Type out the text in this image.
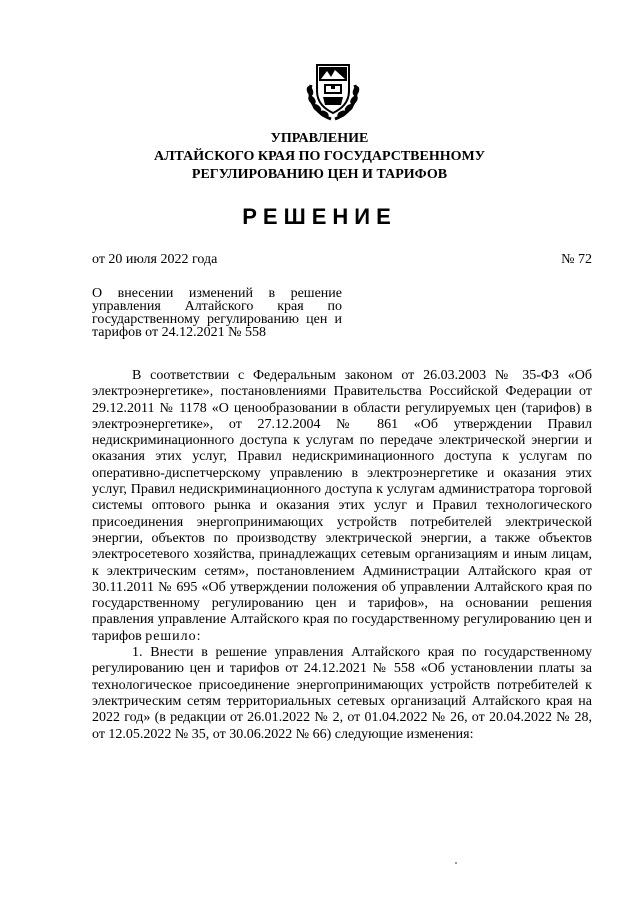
УПРАВЛЕНИЕ
АЛТАЙСКОГО КРАЯ ПО ГОСУДАРСТВЕННОМУ
РЕГУЛИРОВАНИЮ ЦЕН И ТАРИФОВ
РЕШЕНИЕ
от 20 июля 2022 года	№ 72
О внесении изменений в решение управления Алтайского края по государственному регулированию цен и тарифов от 24.12.2021 № 558

В соответствии с Федеральным законом от 26.03.2003 № 35-ФЗ «Об электроэнергетике», постановлениями Правительства Российской Федерации от 29.12.2011 № 1178 «О ценообразовании в области регулируемых цен (тарифов) в электроэнергетике», от 27.12.2004 № 861 «Об утверждении Правил недискриминационного доступа к услугам по передаче электрической энергии и оказания этих услуг, Правил недискриминационного доступа к услугам по оперативно-диспетчерскому управлению в электроэнергетике и оказания этих услуг, Правил недискриминационного доступа к услугам администратора торговой системы оптового рынка и оказания этих услуг и Правил технологического присоединения энергопринимающих устройств потребителей электрической энергии, объектов по производству электрической энергии, а также объектов электросетевого хозяйства, принадлежащих сетевым организациям и иным лицам, к электрическим сетям», постановлением Администрации Алтайского края от 30.11.2011 № 695 «Об утверждении положения об управлении Алтайского края по государственному регулированию цен и тарифов», на основании решения правления управление Алтайского края по государственному регулированию цен и тарифов решило:

1. Внести в решение управления Алтайского края по государственному регулированию цен и тарифов от 24.12.2021 № 558 «Об установлении платы за технологическое присоединение энергопринимающих устройств потребителей к электрическим сетям территориальных сетевых организаций Алтайского края на 2022 год» (в редакции от 26.01.2022 № 2, от 01.04.2022 № 26, от 20.04.2022 № 28, от 12.05.2022 № 35, от 30.06.2022 № 66) следующие изменения:
